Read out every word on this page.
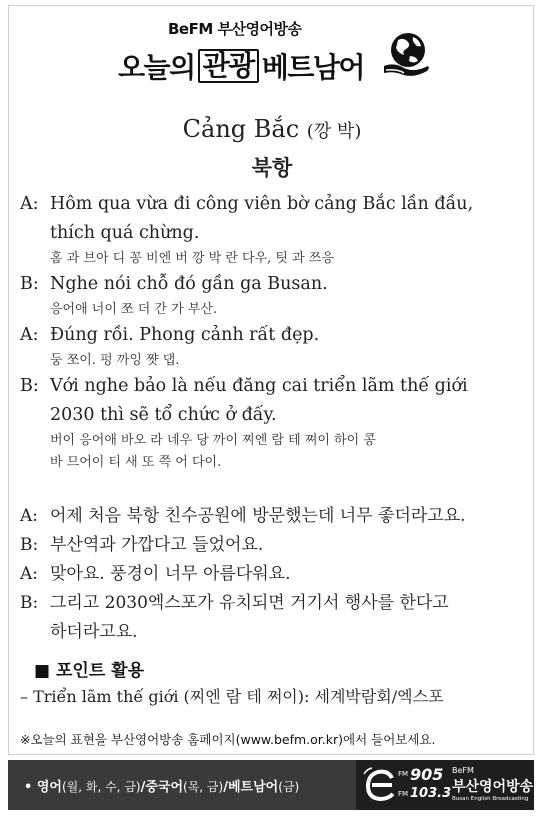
BeFM 부산영어방송
오늘의 관광 베트남어
Cảng Bắc (깡 박)
북항
A: Hôm qua vừa đi công viên bờ cảng Bắc lần đầu,
thích quá chừng.
홈 과 브아 디 꽁 비엔 버 깡 박 란 다우, 팃 과 쯔응
B: Nghe nói chỗ đó gần ga Busan.
응어애 너이 쪼 더 간 가 부산.
A: Đúng rồi. Phong cảnh rất đẹp.
둥 쪼이. 펑 까잉 쨧 댑.
B: Với nghe bảo là nếu đăng cai triển lãm thế giới
2030 thì sẽ tổ chức ở đấy.
버이 응어애 바오 라 네우 당 까이 찌엔 람 테 쪄이 하이 콩
바 므어이 티 새 또 쯕 어 다이.
A: 어제 처음 북항 친수공원에 방문했는데 너무 좋더라고요.
B: 부산역과 가깝다고 들었어요.
A: 맞아요. 풍경이 너무 아름다워요.
B: 그리고 2030엑스포가 유치되면 거기서 행사를 한다고
하더라고요.
■ 포인트 활용
– Triển lãm thế giới (찌엔 람 테 쩌이): 세계박람회/엑스포
※오늘의 표현을 부산영어방송 홈페이지(www.befm.or.kr)에서 들어보세요.
• 영어(월, 화, 수, 금)/중국어(목, 금)/베트남어(금)
FM 905
FM 103.3
BeFM
부산영어방송
Busan English Broadcasting
